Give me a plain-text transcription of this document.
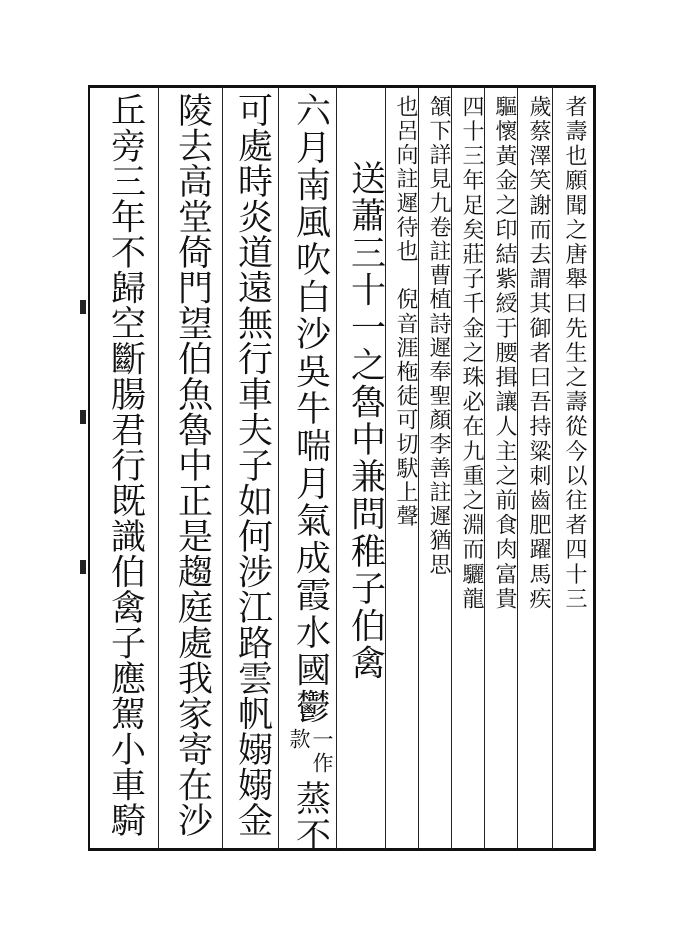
者壽也願聞之唐舉曰先生之壽從今以往者四十三
歲蔡澤笑謝而去謂其御者曰吾持粱刺齒肥躍馬疾
驅懷黃金之印結紫綬于腰揖讓人主之前食肉富貴
四十三年足矣莊子千金之珠必在九重之淵而驪龍
頷下詳見九卷註曹植詩遲奉聖顏李善註遲猶思
也呂向註遲待也　倪音涯柂徒可切䭾上聲
送蕭三十一之魯中兼問稚子伯禽
六月南風吹白沙吳牛喘月氣成霞水國鬱
一作
款
蒸不
可處時炎道遠無行車夫子如何涉江路雲帆嫋嫋金
陵去高堂倚門望伯魚魯中正是趨庭處我家寄在沙
丘旁三年不歸空斷腸君行既識伯禽子應駕小車騎
